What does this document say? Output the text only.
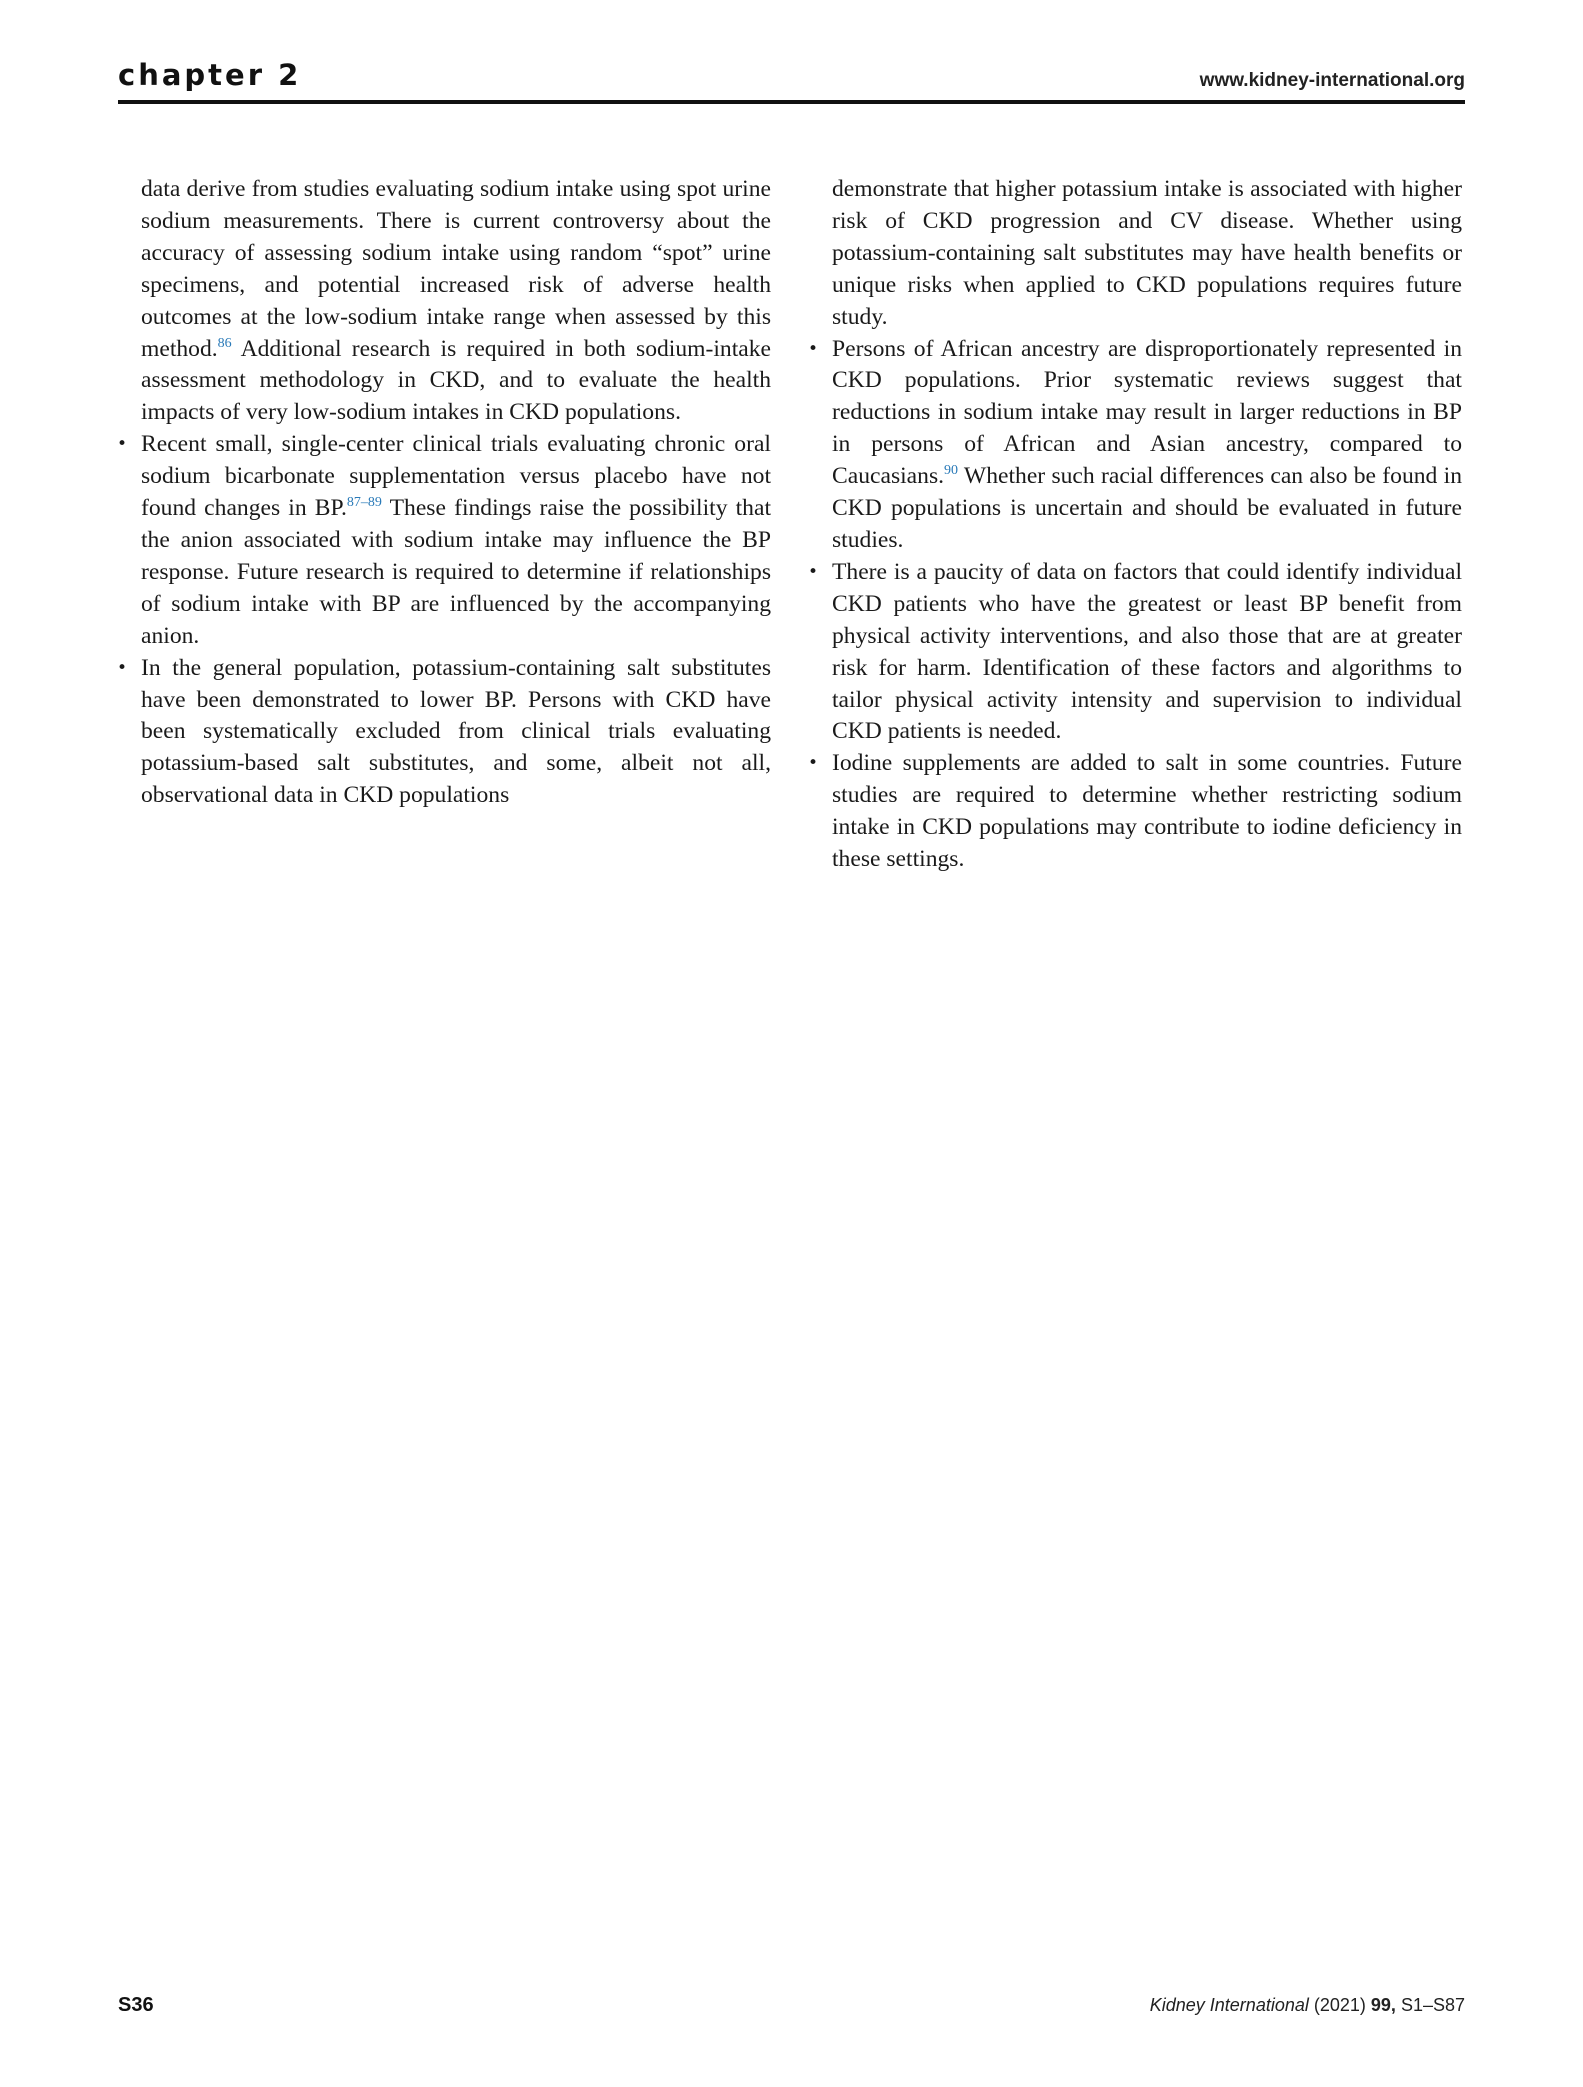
chapter 2	www.kidney-international.org

data derive from studies evaluating sodium intake using spot urine sodium measurements. There is current controversy about the accuracy of assessing sodium intake using random “spot” urine specimens, and potential increased risk of adverse health outcomes at the low-sodium intake range when assessed by this method.$^{86}$ Additional research is required in both sodium-intake assessment methodology in CKD, and to evaluate the health impacts of very low-sodium intakes in CKD populations.

• Recent small, single-center clinical trials evaluating chronic oral sodium bicarbonate supplementation versus placebo have not found changes in BP.$^{87-89}$ These findings raise the possibility that the anion associated with sodium intake may influence the BP response. Future research is required to determine if relationships of sodium intake with BP are influenced by the accompanying anion.

• In the general population, potassium-containing salt substitutes have been demonstrated to lower BP. Persons with CKD have been systematically excluded from clinical trials evaluating potassium-based salt substitutes, and some, albeit not all, observational data in CKD populations

demonstrate that higher potassium intake is associated with higher risk of CKD progression and CV disease. Whether using potassium-containing salt substitutes may have health benefits or unique risks when applied to CKD populations requires future study.

• Persons of African ancestry are disproportionately represented in CKD populations. Prior systematic reviews suggest that reductions in sodium intake may result in larger reductions in BP in persons of African and Asian ancestry, compared to Caucasians.$^{90}$ Whether such racial differences can also be found in CKD populations is uncertain and should be evaluated in future studies.

• There is a paucity of data on factors that could identify individual CKD patients who have the greatest or least BP benefit from physical activity interventions, and also those that are at greater risk for harm. Identification of these factors and algorithms to tailor physical activity intensity and supervision to individual CKD patients is needed.

• Iodine supplements are added to salt in some countries. Future studies are required to determine whether restricting sodium intake in CKD populations may contribute to iodine deficiency in these settings.

S36	Kidney International (2021) 99, S1–S87
